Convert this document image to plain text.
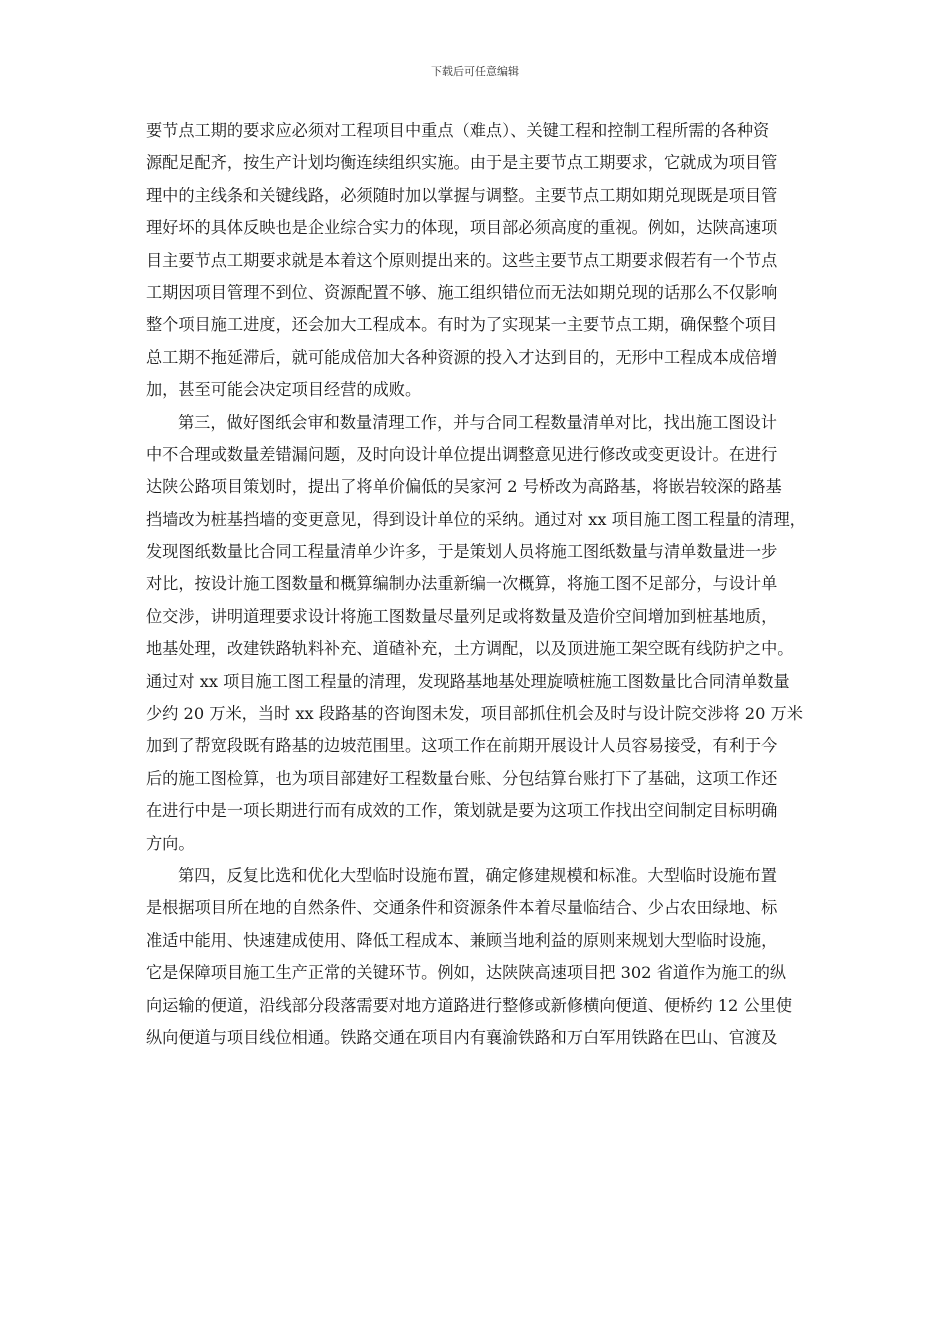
下载后可任意编辑
要节点工期的要求应必须对工程项目中重点（难点）、关键工程和控制工程所需的各种资
源配足配齐，按生产计划均衡连续组织实施。由于是主要节点工期要求，它就成为项目管
理中的主线条和关键线路，必须随时加以掌握与调整。主要节点工期如期兑现既是项目管
理好坏的具体反映也是企业综合实力的体现，项目部必须高度的重视。例如，达陕高速项
目主要节点工期要求就是本着这个原则提出来的。这些主要节点工期要求假若有一个节点
工期因项目管理不到位、资源配置不够、施工组织错位而无法如期兑现的话那么不仅影响
整个项目施工进度，还会加大工程成本。有时为了实现某一主要节点工期，确保整个项目
总工期不拖延滞后，就可能成倍加大各种资源的投入才达到目的，无形中工程成本成倍增
加，甚至可能会决定项目经营的成败。
第三，做好图纸会审和数量清理工作，并与合同工程数量清单对比，找出施工图设计
中不合理或数量差错漏问题，及时向设计单位提出调整意见进行修改或变更设计。在进行
达陕公路项目策划时，提出了将单价偏低的吴家河 2 号桥改为高路基，将嵌岩较深的路基
挡墙改为桩基挡墙的变更意见，得到设计单位的采纳。通过对 xx 项目施工图工程量的清理，
发现图纸数量比合同工程量清单少许多，于是策划人员将施工图纸数量与清单数量进一步
对比，按设计施工图数量和概算编制办法重新编一次概算，将施工图不足部分，与设计单
位交涉，讲明道理要求设计将施工图数量尽量列足或将数量及造价空间增加到桩基地质，
地基处理，改建铁路轨料补充、道碴补充，土方调配，以及顶进施工架空既有线防护之中。
通过对 xx 项目施工图工程量的清理，发现路基地基处理旋喷桩施工图数量比合同清单数量
少约 20 万米，当时 xx 段路基的咨询图未发，项目部抓住机会及时与设计院交涉将 20 万米
加到了帮宽段既有路基的边坡范围里。这项工作在前期开展设计人员容易接受，有利于今
后的施工图检算，也为项目部建好工程数量台账、分包结算台账打下了基础，这项工作还
在进行中是一项长期进行而有成效的工作，策划就是要为这项工作找出空间制定目标明确
方向。
第四，反复比选和优化大型临时设施布置，确定修建规模和标准。大型临时设施布置
是根据项目所在地的自然条件、交通条件和资源条件本着尽量临结合、少占农田绿地、标
准适中能用、快速建成使用、降低工程成本、兼顾当地利益的原则来规划大型临时设施，
它是保障项目施工生产正常的关键环节。例如，达陕陕高速项目把 302 省道作为施工的纵
向运输的便道，沿线部分段落需要对地方道路进行整修或新修横向便道、便桥约 12 公里使
纵向便道与项目线位相通。铁路交通在项目内有襄渝铁路和万白军用铁路在巴山、官渡及
